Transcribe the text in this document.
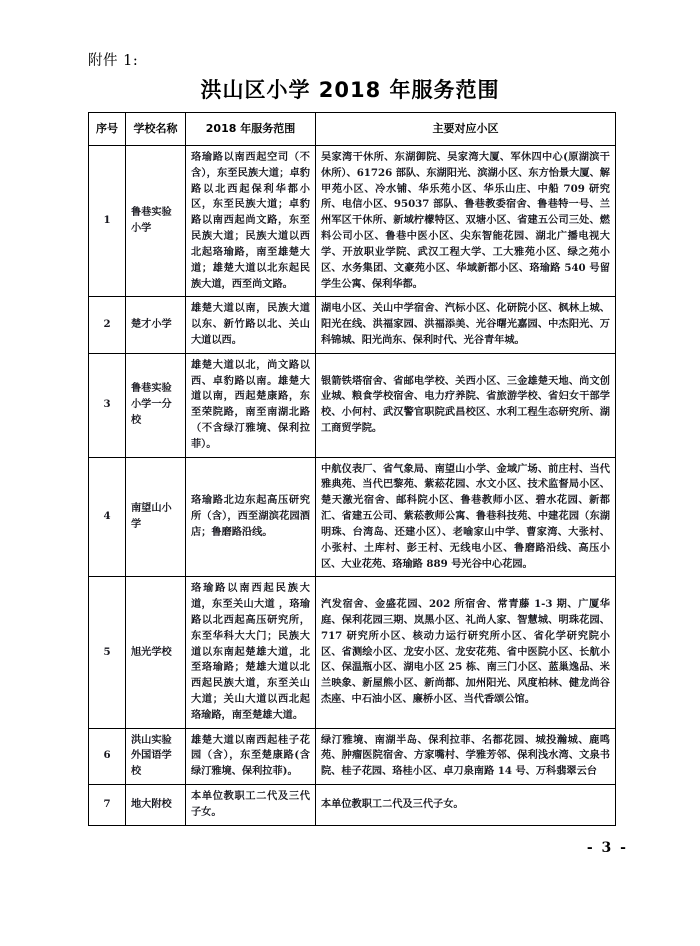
附件 1:
洪山区小学 2018 年服务范围
序号	学校名称	2018 年服务范围	主要对应小区
1	鲁巷实验小学	珞瑜路以南西起空司（不含），东至民族大道；卓豹路以北西起保利华都小区，东至民族大道；卓豹路以南西起尚文路，东至民族大道；民族大道以西北起珞瑜路，南至雄楚大道；雄楚大道以北东起民族大道，西至尚文路。	吴家湾干休所、东湖御院、吴家湾大厦、军休四中心(原湖滨干休所）、61726 部队、东湖阳光、滨湖小区、东方怡景大厦、解甲苑小区、冷水铺、华乐苑小区、华乐山庄、中船 709 研究所、电信小区、95037 部队、鲁巷教委宿舍、鲁巷特一号、兰州军区干休所、新域柠檬特区、双塘小区、省建五公司三处、燃料公司小区、鲁巷中医小区、尖东智能花园、湖北广播电视大学、开放职业学院、武汉工程大学、工大雅苑小区、绿之苑小区、水务集团、文豪苑小区、华域新都小区、珞瑜路 540 号留学生公寓、保利华都。
2	楚才小学	雄楚大道以南，民族大道以东、新竹路以北、关山大道以西。	湖电小区、关山中学宿舍、汽标小区、化研院小区、枫林上城、阳光在线、洪福家园、洪福添美、光谷曙光嘉园、中杰阳光、万科锦城、阳光尚东、保利时代、光谷青年城。
3	鲁巷实验小学一分校	雄楚大道以北，尚文路以西、卓豹路以南。雄楚大道以南，西起楚康路，东至荣院路，南至南湖北路（不含绿汀雅境、保利拉菲）。	银箭铁塔宿舍、省邮电学校、关西小区、三金雄楚天地、尚文创业城、粮食学校宿舍、电力疗养院、省旅游学校、省妇女干部学校、小何村、武汉警官职院武昌校区、水利工程生态研究所、湖工商贸学院。
4	南望山小学	珞瑜路北边东起高压研究所（含），西至湖滨花园酒店；鲁磨路沿线。	中航仪表厂、省气象局、南望山小学、金域广场、前庄村、当代雅典苑、当代巴黎苑、紫菘花园、水文小区、技术监督局小区、楚天激光宿舍、邮科院小区、鲁巷教师小区、碧水花园、新都汇、省建五公司、紫菘教师公寓、鲁巷科技苑、中建花园（东湖明珠、台湾岛、还建小区）、老喻家山中学、曹家湾、大张村、小张村、土库村、彭王村、无线电小区、鲁磨路沿线、高压小区、大业花苑、珞瑜路 889 号光谷中心花园。
5	旭光学校	珞瑜路以南西起民族大道，东至关山大道 ，珞瑜路以北西起高压研究所，东至华科大大门；民族大道以东南起楚雄大道，北至珞瑜路；楚雄大道以北西起民族大道，东至关山大道；关山大道以西北起珞瑜路，南至楚雄大道。	汽发宿舍、金盛花园、202 所宿舍、常青藤 1-3 期、广厦华庭、保利花园三期、岚黑小区、礼尚人家、智慧城、明珠花园、717 研究所小区、核动力运行研究所小区、省化学研究院小区、省测绘小区、龙安小区、龙安花苑、省中医院小区、长航小区、保温瓶小区、湖电小区 25 栋、南三门小区、蓝巢逸品、米兰映象、新屋熊小区、新尚都、加州阳光、风度柏林、健龙尚谷杰座、中石油小区、廉桥小区、当代香颂公馆。
6	洪山实验外国语学校	雄楚大道以南西起桂子花园（含），东至楚康路(含绿汀雅境、保利拉菲)。	绿汀雅境、南湖半岛、保利拉菲、名都花园、城投瀚城、鹿鸣苑、肿瘤医院宿舍、方家嘴村、学雅芳邻、保利浅水湾、文泉书院、桂子花园、珞桂小区、卓刀泉南路 14 号、万科翡翠云台
7	地大附校	本单位教职工二代及三代子女。	本单位教职工二代及三代子女。
- 3 -
